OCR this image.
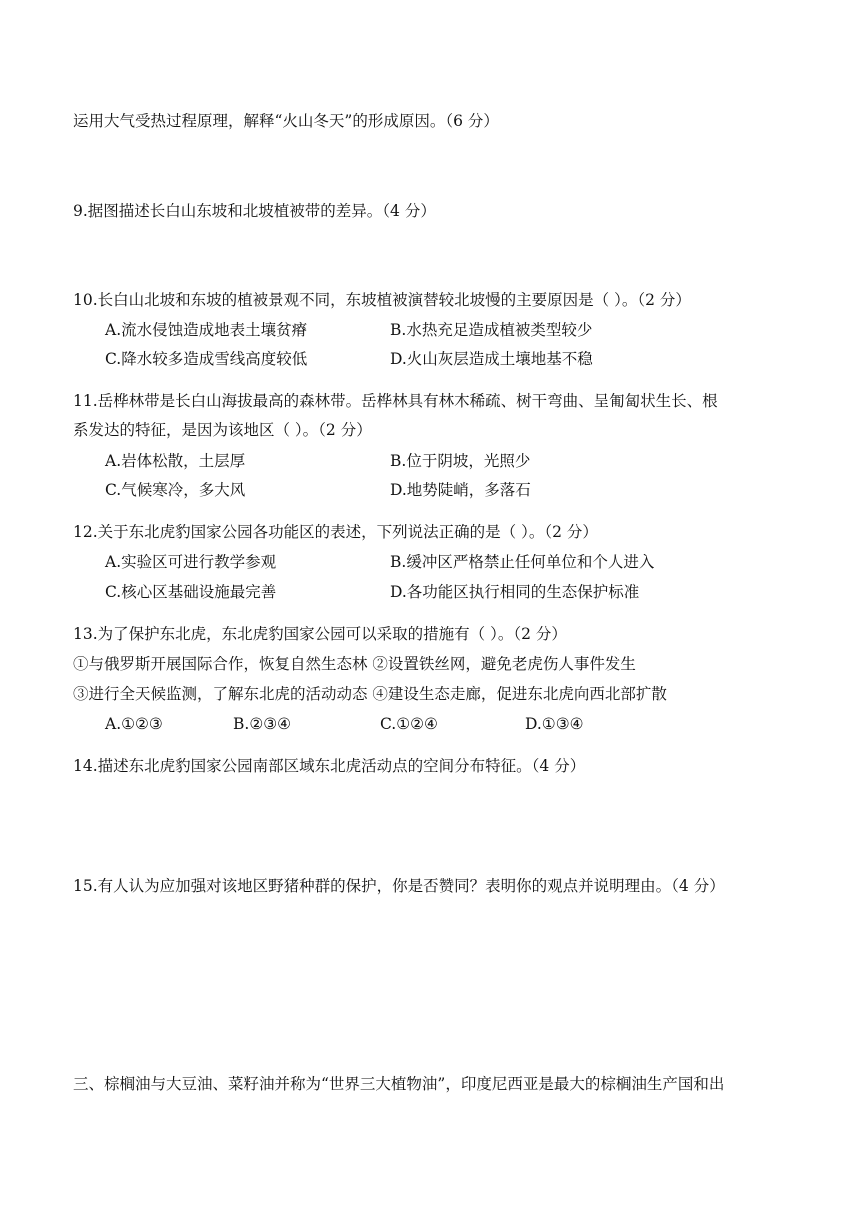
运用大气受热过程原理，解释“火山冬天”的形成原因。（6 分）
9.据图描述长白山东坡和北坡植被带的差异。（4 分）
10.长白山北坡和东坡的植被景观不同，东坡植被演替较北坡慢的主要原因是（ ）。（2 分）
A.流水侵蚀造成地表土壤贫瘠	B.水热充足造成植被类型较少
C.降水较多造成雪线高度较低	D.火山灰层造成土壤地基不稳
11.岳桦林带是长白山海拔最高的森林带。岳桦林具有林木稀疏、树干弯曲、呈匍匐状生长、根
系发达的特征，是因为该地区（ ）。（2 分）
A.岩体松散，土层厚	B.位于阴坡，光照少
C.气候寒冷，多大风	D.地势陡峭，多落石
12.关于东北虎豹国家公园各功能区的表述，下列说法正确的是（ ）。（2 分）
A.实验区可进行教学参观	B.缓冲区严格禁止任何单位和个人进入
C.核心区基础设施最完善	D.各功能区执行相同的生态保护标准
13.为了保护东北虎，东北虎豹国家公园可以采取的措施有（ ）。（2 分）
①与俄罗斯开展国际合作，恢复自然生态林 ②设置铁丝网，避免老虎伤人事件发生
③进行全天候监测，了解东北虎的活动动态 ④建设生态走廊，促进东北虎向西北部扩散
A.①②③	B.②③④	C.①②④	D.①③④
14.描述东北虎豹国家公园南部区域东北虎活动点的空间分布特征。（4 分）
15.有人认为应加强对该地区野猪种群的保护，你是否赞同？表明你的观点并说明理由。（4 分）
三、棕榈油与大豆油、菜籽油并称为“世界三大植物油”，印度尼西亚是最大的棕榈油生产国和出
